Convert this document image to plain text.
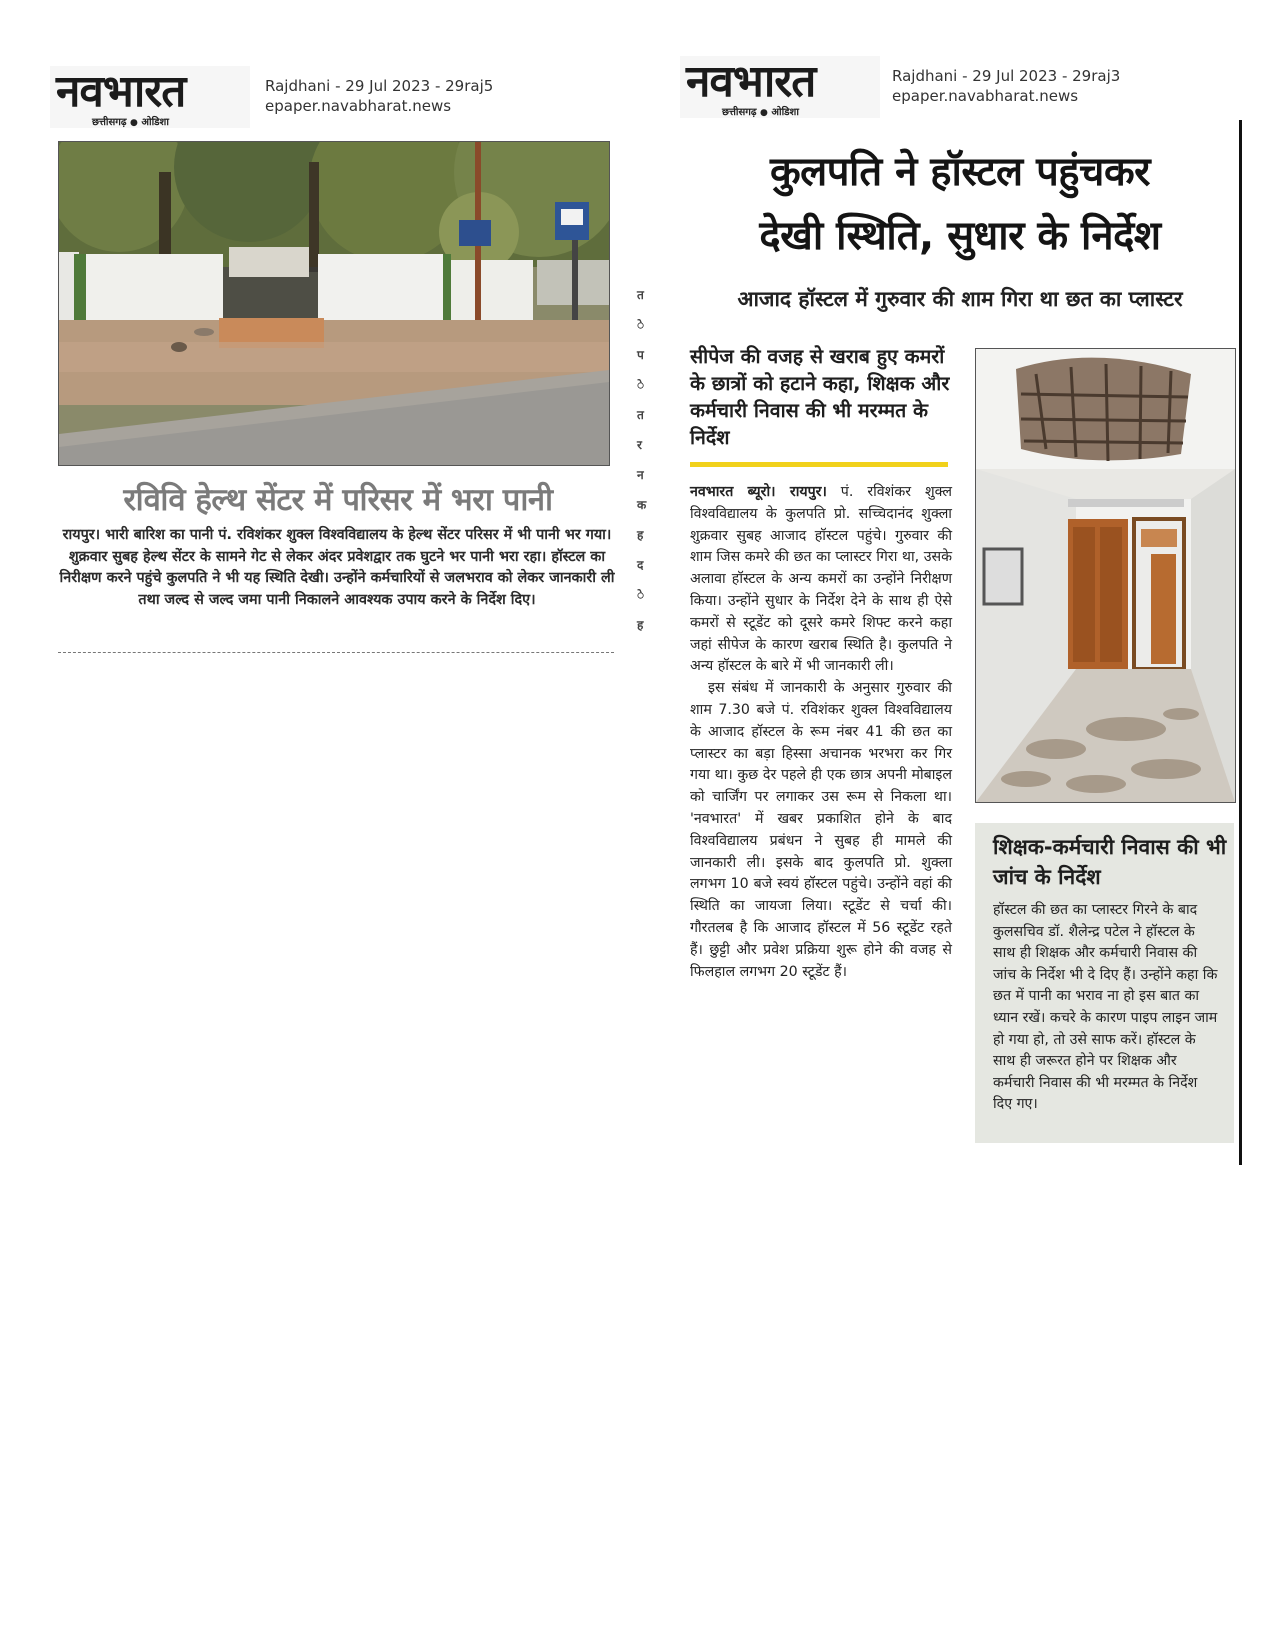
नवभारत
छत्तीसगढ़ ● ओडिशा
Rajdhani - 29 Jul 2023 - 29raj5
epaper.navabharat.news
रविवि हेल्थ सेंटर में परिसर में भरा पानी
रायपुर। भारी बारिश का पानी पं. रविशंकर शुक्ल विश्वविद्यालय के हेल्थ सेंटर परिसर में भी पानी भर गया। शुक्रवार सुबह हेल्थ सेंटर के सामने गेट से लेकर अंदर प्रवेशद्वार तक घुटने भर पानी भरा रहा। हॉस्टल का निरीक्षण करने पहुंचे कुलपति ने भी यह स्थिति देखी। उन्होंने कर्मचारियों से जलभराव को लेकर जानकारी ली तथा जल्द से जल्द जमा पानी निकालने आवश्यक उपाय करने के निर्देश दिए।
त
े
प
े
त
र
न
क
ह
द
े
ह
नवभारत
छत्तीसगढ़ ● ओडिशा
Rajdhani - 29 Jul 2023 - 29raj3
epaper.navabharat.news
कुलपति ने हॉस्टल पहुंचकर
देखी स्थिति, सुधार के निर्देश
आजाद हॉस्टल में गुरुवार की शाम गिरा था छत का प्लास्टर
सीपेज की वजह से खराब हुए कमरों के छात्रों को हटाने कहा, शिक्षक और कर्मचारी निवास की भी मरम्मत के निर्देश

नवभारत ब्यूरो। रायपुर। पं. रविशंकर शुक्ल विश्वविद्यालय के कुलपति प्रो. सच्चिदानंद शुक्ला शुक्रवार सुबह आजाद हॉस्टल पहुंचे। गुरुवार की शाम जिस कमरे की छत का प्लास्टर गिरा था, उसके अलावा हॉस्टल के अन्य कमरों का उन्होंने निरीक्षण किया। उन्होंने सुधार के निर्देश देने के साथ ही ऐसे कमरों से स्टूडेंट को दूसरे कमरे शिफ्ट करने कहा जहां सीपेज के कारण खराब स्थिति है। कुलपति ने अन्य हॉस्टल के बारे में भी जानकारी ली।

इस संबंध में जानकारी के अनुसार गुरुवार की शाम 7.30 बजे पं. रविशंकर शुक्ल विश्वविद्यालय के आजाद हॉस्टल के रूम नंबर 41 की छत का प्लास्टर का बड़ा हिस्सा अचानक भरभरा कर गिर गया था। कुछ देर पहले ही एक छात्र अपनी मोबाइल को चार्जिंग पर लगाकर उस रूम से निकला था। 'नवभारत' में खबर प्रकाशित होने के बाद विश्वविद्यालय प्रबंधन ने सुबह ही मामले की जानकारी ली। इसके बाद कुलपति प्रो. शुक्ला लगभग 10 बजे स्वयं हॉस्टल पहुंचे। उन्होंने वहां की स्थिति का जायजा लिया। स्टूडेंट से चर्चा की। गौरतलब है कि आजाद हॉस्टल में 56 स्टूडेंट रहते हैं। छुट्टी और प्रवेश प्रक्रिया शुरू होने की वजह से फिलहाल लगभग 20 स्टूडेंट हैं।

शिक्षक-कर्मचारी निवास की भी जांच के निर्देश
हॉस्टल की छत का प्लास्टर गिरने के बाद कुलसचिव डॉ. शैलेन्द्र पटेल ने हॉस्टल के साथ ही शिक्षक और कर्मचारी निवास की जांच के निर्देश भी दे दिए हैं। उन्होंने कहा कि छत में पानी का भराव ना हो इस बात का ध्यान रखें। कचरे के कारण पाइप लाइन जाम हो गया हो, तो उसे साफ करें। हॉस्टल के साथ ही जरूरत होने पर शिक्षक और कर्मचारी निवास की भी मरम्मत के निर्देश दिए गए।
